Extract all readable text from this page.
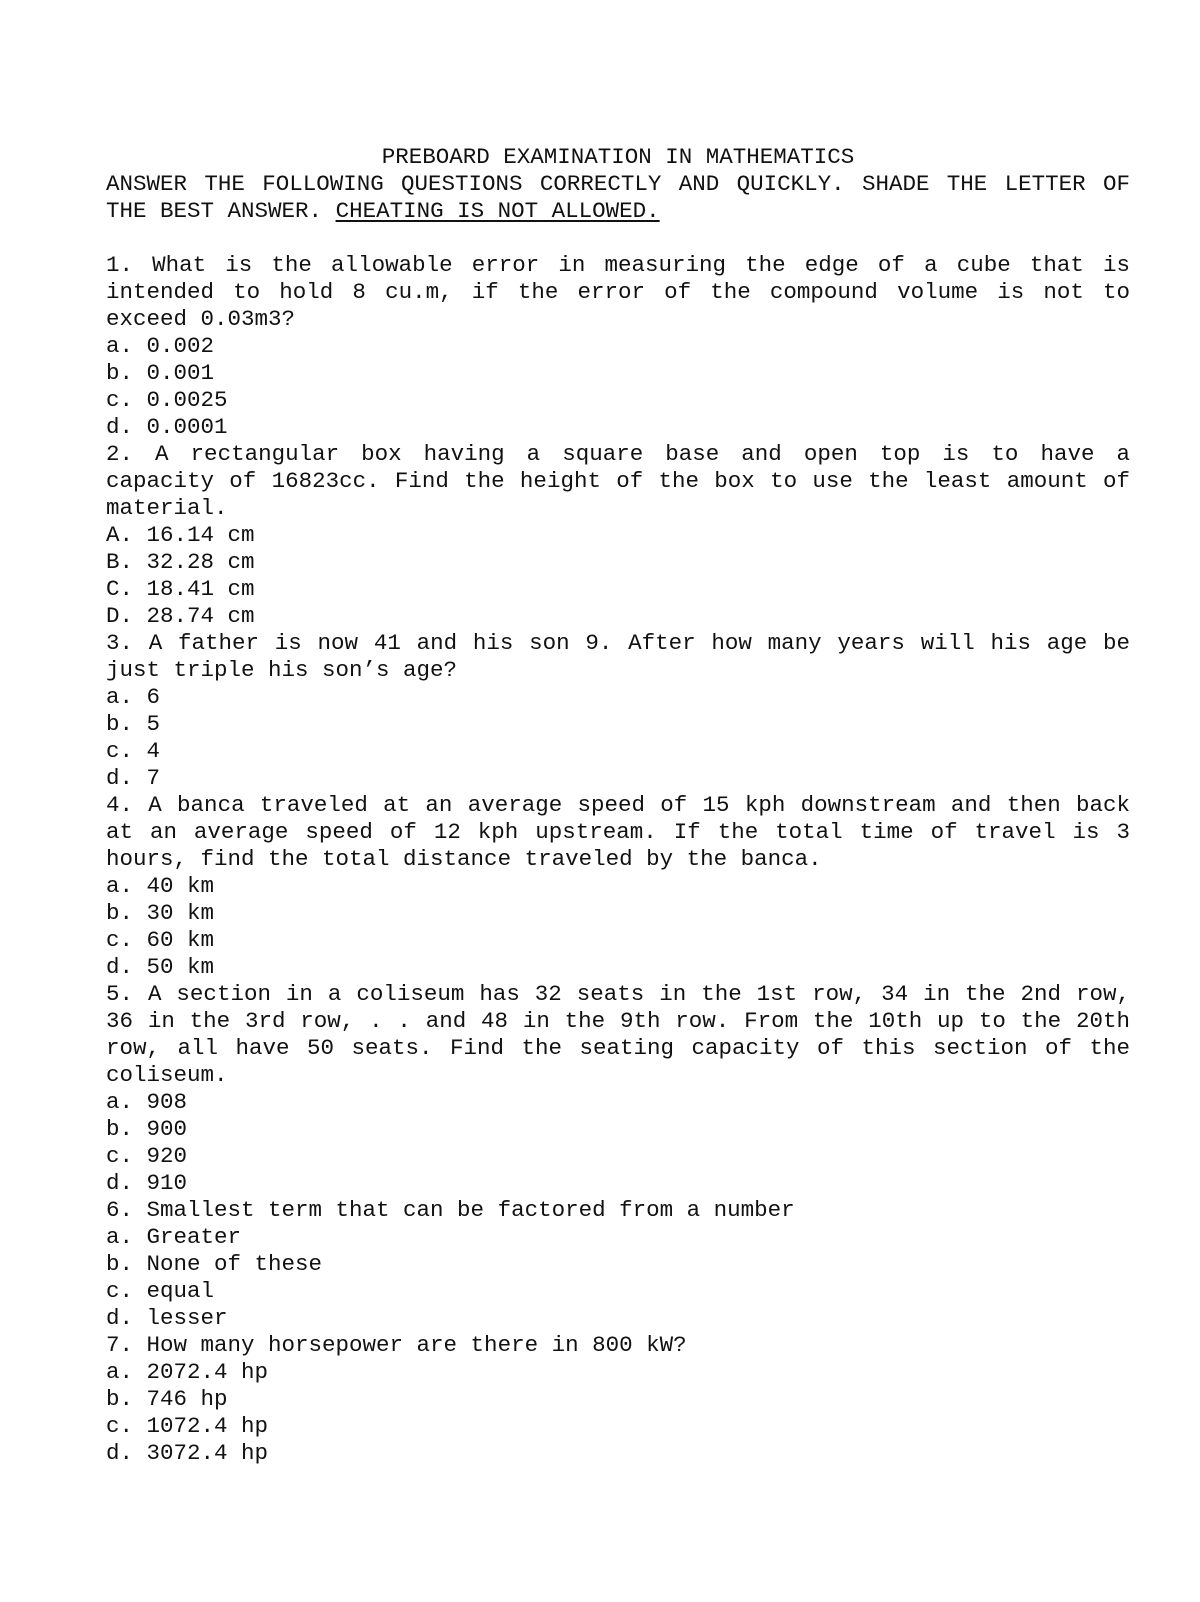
PREBOARD EXAMINATION IN MATHEMATICS

ANSWER THE FOLLOWING QUESTIONS CORRECTLY AND QUICKLY. SHADE THE LETTER OF THE BEST ANSWER. CHEATING IS NOT ALLOWED.

1. What is the allowable error in measuring the edge of a cube that is intended to hold 8 cu.m, if the error of the compound volume is not to exceed 0.03m3?

a. 0.002

b. 0.001

c. 0.0025

d. 0.0001

2. A rectangular box having a square base and open top is to have a capacity of 16823cc. Find the height of the box to use the least amount of material.

A. 16.14 cm

B. 32.28 cm

C. 18.41 cm

D. 28.74 cm

3. A father is now 41 and his son 9. After how many years will his age be just triple his son’s age?

a. 6

b. 5

c. 4

d. 7

4. A banca traveled at an average speed of 15 kph downstream and then back at an average speed of 12 kph upstream. If the total time of travel is 3 hours, find the total distance traveled by the banca.

a. 40 km

b. 30 km

c. 60 km

d. 50 km

5. A section in a coliseum has 32 seats in the 1st row, 34 in the 2nd row, 36 in the 3rd row, . . and 48 in the 9th row. From the 10th up to the 20th row, all have 50 seats. Find the seating capacity of this section of the coliseum.

a. 908

b. 900

c. 920

d. 910

6. Smallest term that can be factored from a number

a. Greater

b. None of these

c. equal

d. lesser

7. How many horsepower are there in 800 kW?

a. 2072.4 hp

b. 746 hp

c. 1072.4 hp

d. 3072.4 hp
